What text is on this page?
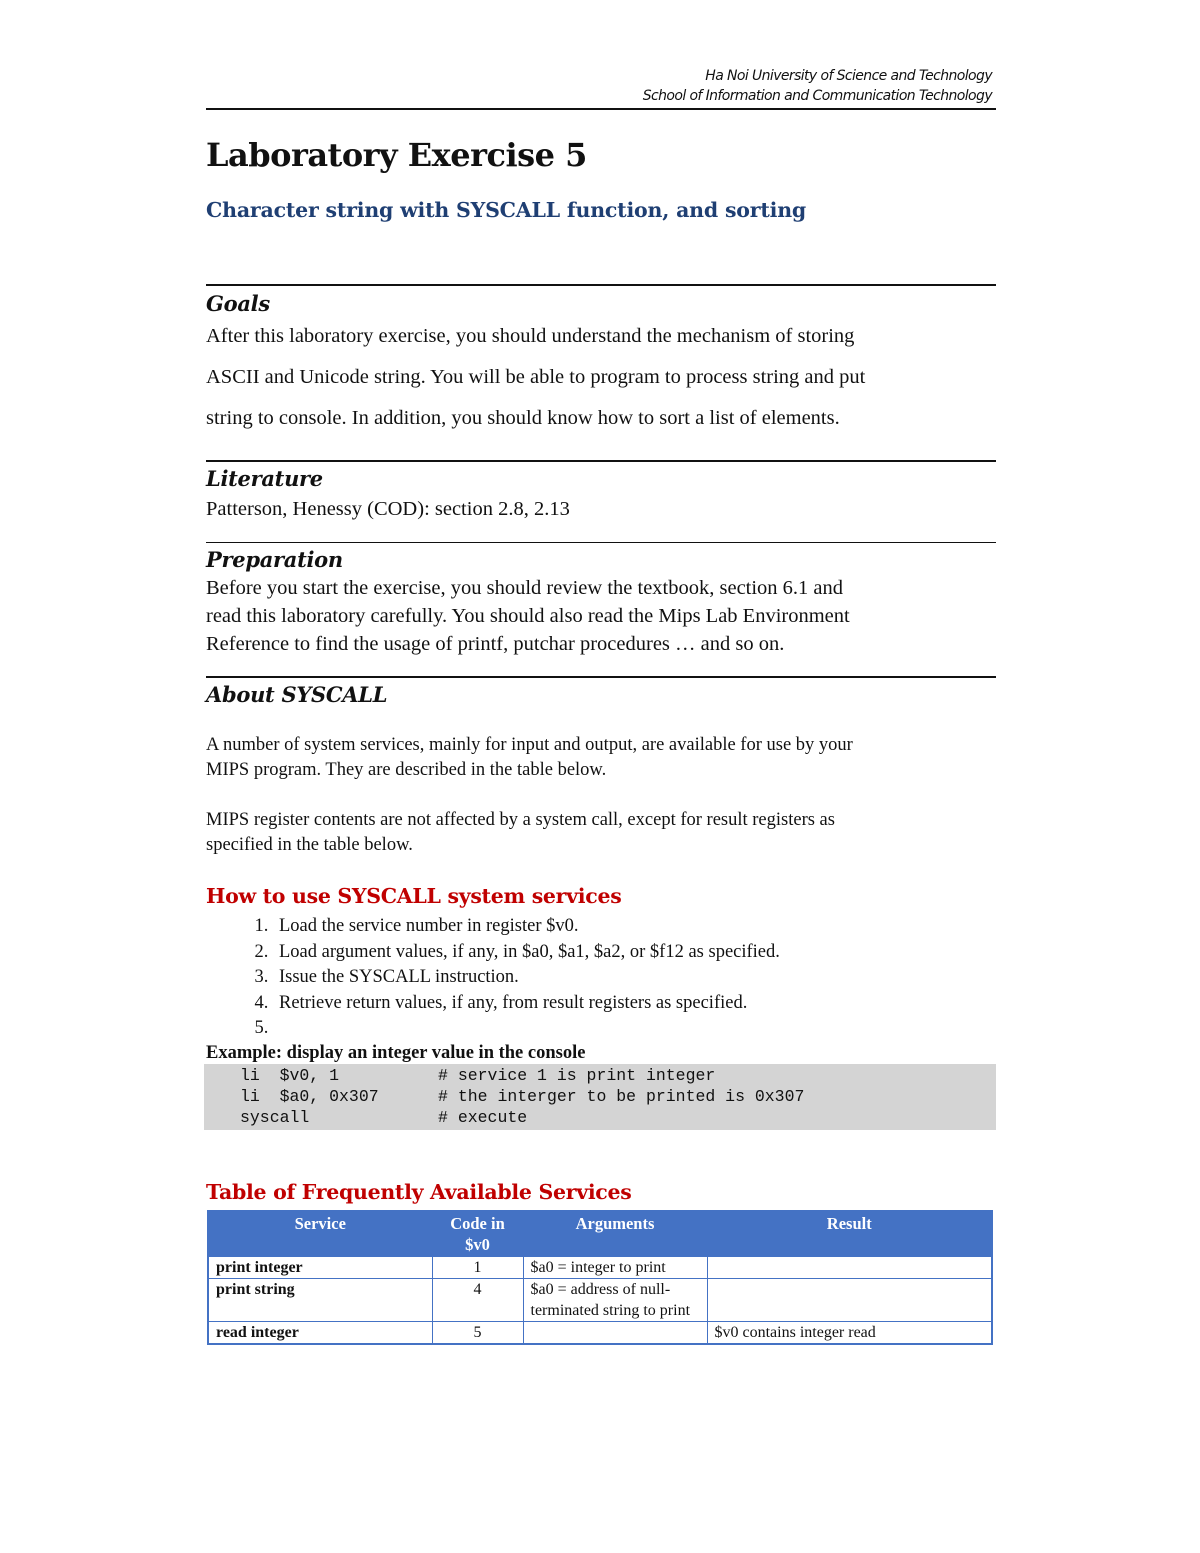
Ha Noi University of Science and Technology
School of Information and Communication Technology
Laboratory Exercise 5
Character string with SYSCALL function, and sorting
Goals
After this laboratory exercise, you should understand the mechanism of storing
ASCII and Unicode string. You will be able to program to process string and put
string to console. In addition, you should know how to sort a list of elements.
Literature
Patterson, Henessy (COD): section 2.8, 2.13
Preparation
Before you start the exercise, you should review the textbook, section 6.1 and
read this laboratory carefully. You should also read the Mips Lab Environment
Reference to find the usage of printf, putchar procedures … and so on.
About SYSCALL
A number of system services, mainly for input and output, are available for use by your
MIPS program. They are described in the table below.
MIPS register contents are not affected by a system call, except for result registers as
specified in the table below.
How to use SYSCALL system services
1. Load the service number in register $v0.
2. Load argument values, if any, in $a0, $a1, $a2, or $f12 as specified.
3. Issue the SYSCALL instruction.
4. Retrieve return values, if any, from result registers as specified.
5.
Example: display an integer value in the console
li  $v0, 1          # service 1 is print integer
li  $a0, 0x307      # the interger to be printed is 0x307
syscall             # execute
Table of Frequently Available Services
Service	Code in $v0	Arguments	Result
print integer	1	$a0 = integer to print	
print string	4	$a0 = address of null-terminated string to print	
read integer	5		$v0 contains integer read
